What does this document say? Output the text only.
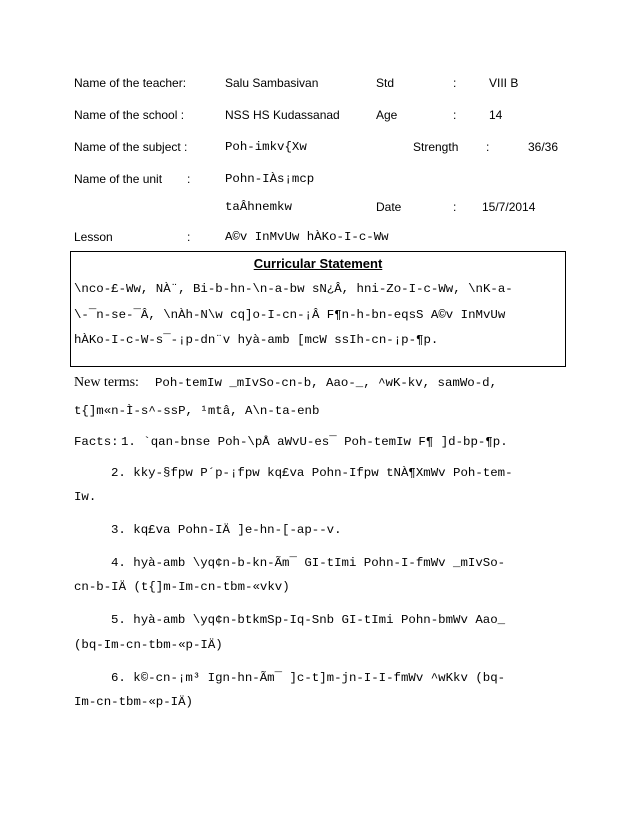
Name of the teacher:	Salu Sambasivan	Std	:	VIII B
Name of the school :	NSS HS Kudassanad	Age	:	14
Name of the subject :	Poh-imkv{Xw	Strength :	36/36
Name of the unit :	Pohn-IÀs¡mcp
taÂhnemkw	Date	: 15/7/2014
Lesson	:	A©v InMvUw hÀKo-I-c-Ww
Curricular Statement
\nco-£-Ww, NÀ¨, Bi-b-hn-\n-a-bw sN¿Â, hni-Zo-I-c-Ww, \nK-a-
\-¯n-se-¯Â, \nÀh-N\w cq]o-I-cn-¡Â F¶n-h-bn-eqsS A©v InMvUw
hÀKo-I-c-W-s¯-¡p-dn¨v hyà-amb [mcW ssIh-cn-¡p-¶p.
New terms: Poh-temIw _mIvSo-cn-b, Aao-_, ^wK-kv, samWo-d,
t{]m«n-Ì-s^-ssP, ¹mtâ, A\n-ta-enb
Facts: 1. `qan-bnse Poh-\pÅ aWvU-es¯ Poh-temIw F¶ ]d-bp-¶p.
2. kky-§fpw P´p-¡fpw kq£va Pohn-Ifpw tNÀ¶XmWv Poh-tem-
Iw.
3. kq£va Pohn-IÄ ]e-hn-[-ap--v.
4. hyà-amb \yq¢n-b-kn-Ãm¯ GI-tImi Pohn-I-fmWv _mIvSo-
cn-b-IÄ (t{]m-Im-cn-tbm-«vkv)
5. hyà-amb \yq¢n-btkmSp-Iq-Snb GI-tImi Pohn-bmWv Aao_
(bq-Im-cn-tbm-«p-IÄ)
6. k©-cn-¡m³ Ign-hn-Ãm¯ ]c-t]m-jn-I-I-fmWv ^wKkv (bq-
Im-cn-tbm-«p-IÄ)
